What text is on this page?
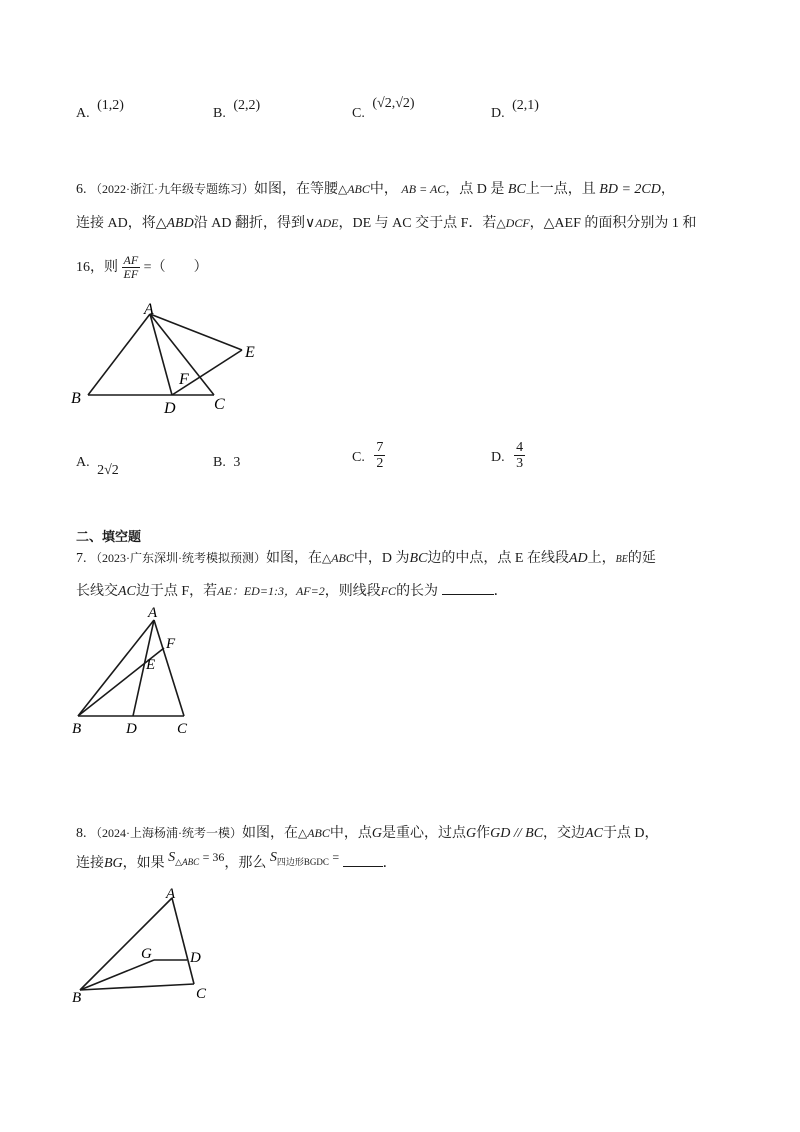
A. (1,2)
B. (2,2)
C. (√2,√2)
D. (2,1)
6. （2022·浙江·九年级专题练习）如图，在等腰△ABC中， AB = AC，点 D 是 BC上一点，且 BD = 2CD，
连接 AD，将△ABD沿 AD 翻折，得到∨ADE，DE 与 AC 交于点 F．若△DCF，△AEF 的面积分别为 1 和
16，则 $\frac{AF}{EF}$ =（　　）
A
B	C
D
E
F
A. 2√2
B. 3	C. $\frac{7}{2}$	D. $\frac{4}{3}$
二、填空题
7. （2023·广东深圳·统考模拟预测）如图，在△ABC中，D 为BC边的中点，点 E 在线段AD上，BE的延
长线交AC边于点 F，若AE：ED=1:3，AF=2，则线段FC的长为	．
A
B	C
D
E
F
8. （2024·上海杨浦·统考一模）如图，在△ABC中，点G是重心，过点G作GD // BC，交边AC于点 D，
连接BG，如果 $S_{\triangle ABC} = 36$，那么 $S_{四边形BGDC}$ =	．
A
B	C
D
G
